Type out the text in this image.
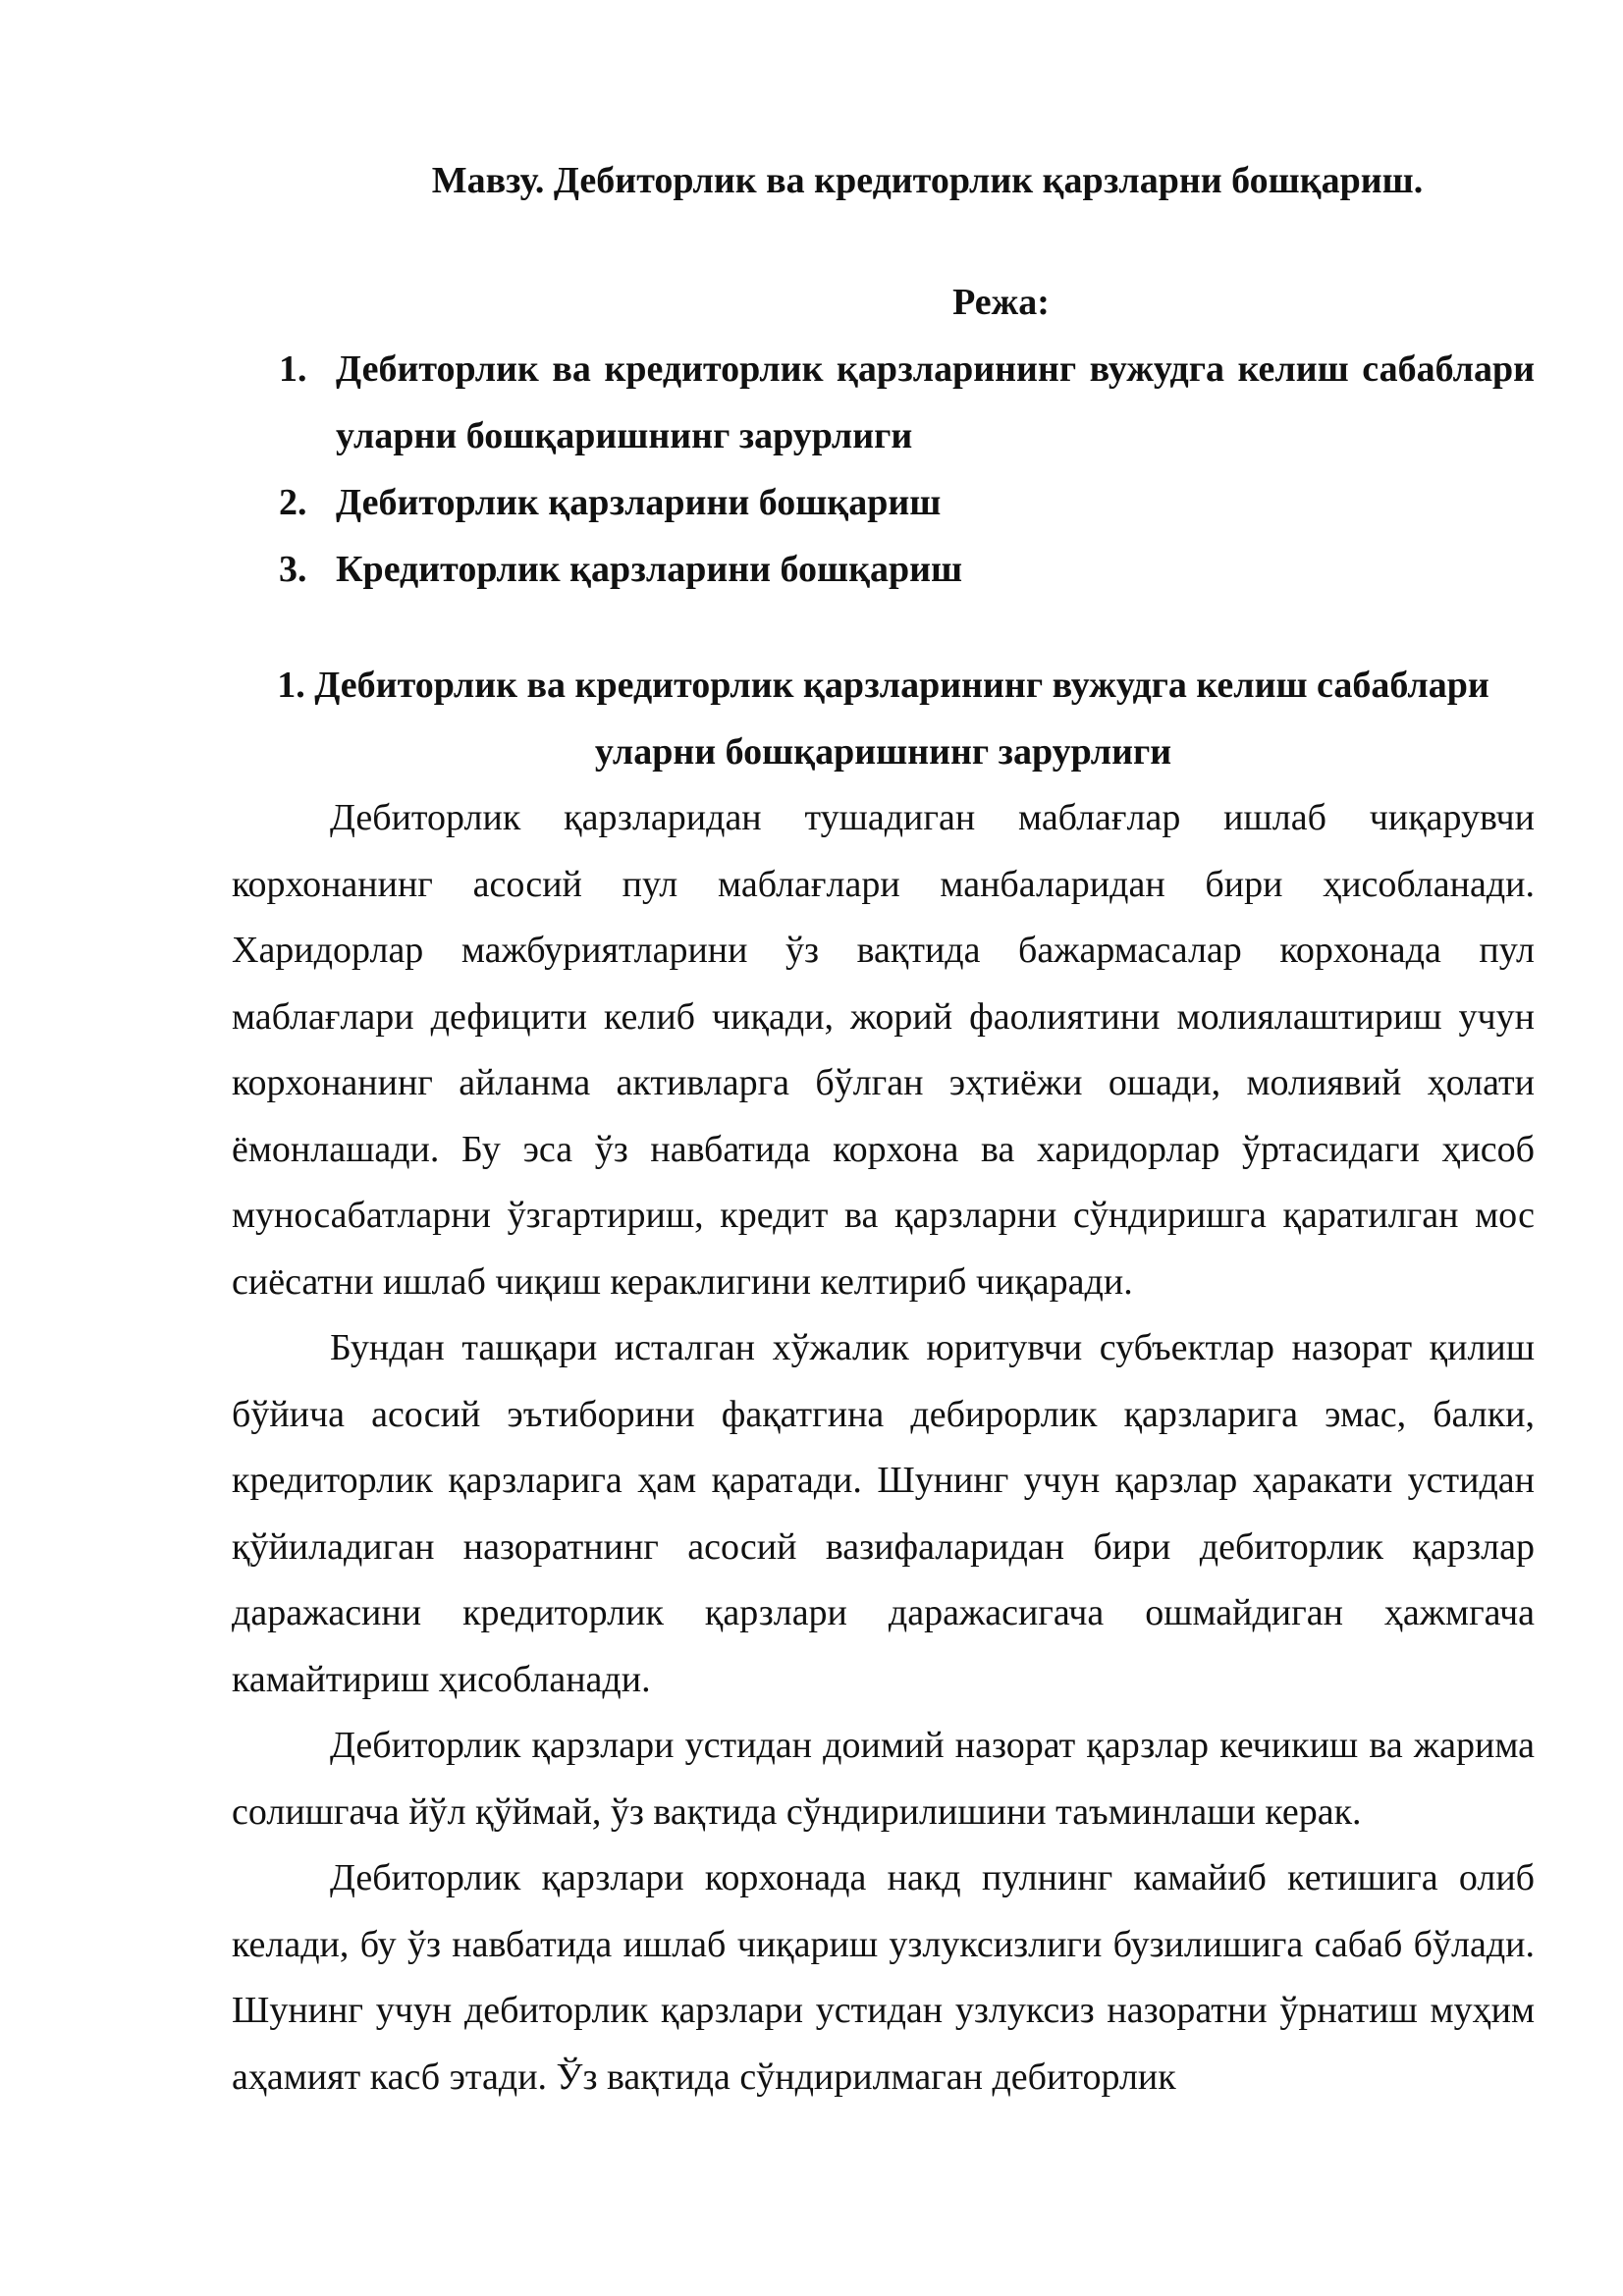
Мавзу. Дебиторлик ва кредиторлик қарзларни бошқариш.
Режа:
1. Дебиторлик ва кредиторлик қарзларининг вужудга келиш сабаблари уларни бошқаришнинг зарурлиги
2. Дебиторлик қарзларини бошқариш
3. Кредиторлик қарзларини бошқариш
1. Дебиторлик ва кредиторлик қарзларининг вужудга келиш сабаблари уларни бошқаришнинг зарурлиги

Дебиторлик қарзларидан тушадиган маблағлар ишлаб чиқарувчи корхонанинг асосий пул маблағлари манбаларидан бири ҳисобланади. Харидорлар мажбуриятларини ўз вақтида бажармасалар корхонада пул маблағлари дефицити келиб чиқади, жорий фаолиятини молиялаштириш учун корхонанинг айланма активларга бўлган эҳтиёжи ошади, молиявий ҳолати ёмонлашади. Бу эса ўз навбатида корхона ва харидорлар ўртасидаги ҳисоб муносабатларни ўзгартириш, кредит ва қарзларни сўндиришга қаратилган мос сиёсатни ишлаб чиқиш кераклигини келтириб чиқаради.

Бундан ташқари исталган хўжалик юритувчи субъектлар назорат қилиш бўйича асосий эътиборини фақатгина дебирорлик қарзларига эмас, балки, кредиторлик қарзларига ҳам қаратади. Шунинг учун қарзлар ҳаракати устидан қўйиладиган назоратнинг асосий вазифаларидан бири дебиторлик қарзлар даражасини кредиторлик қарзлари даражасигача ошмайдиган ҳажмгача камайтириш ҳисобланади.

Дебиторлик қарзлари устидан доимий назорат қарзлар кечикиш ва жарима солишгача йўл қўймай, ўз вақтида сўндирилишини таъминлаши керак.

Дебиторлик қарзлари корхонада накд пулнинг камайиб кетишига олиб келади, бу ўз навбатида ишлаб чиқариш узлуксизлиги бузилишига сабаб бўлади. Шунинг учун дебиторлик қарзлари устидан узлуксиз назоратни ўрнатиш муҳим аҳамият касб этади. Ўз вақтида сўндирилмаган дебиторлик
